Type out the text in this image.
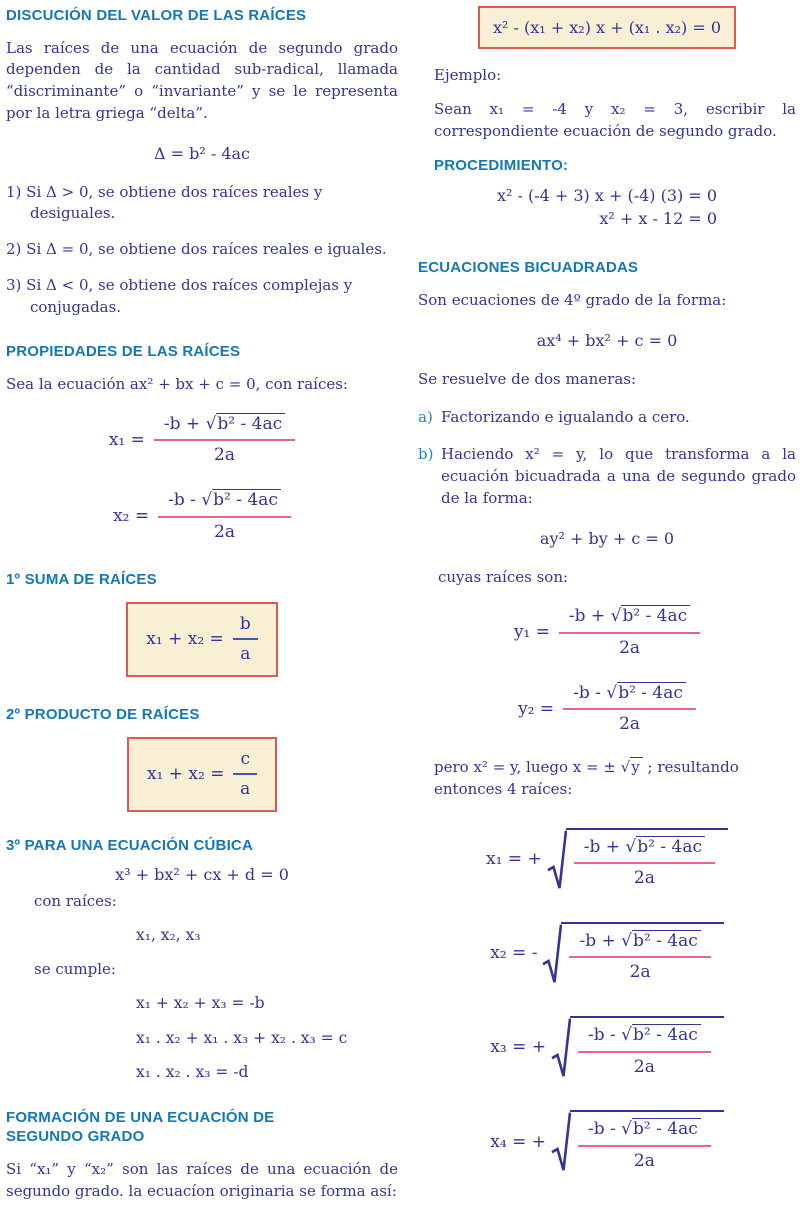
DISCUCIÓN DEL VALOR DE LAS RAÍCES

Las raíces de una ecuación de segundo grado dependen de la cantidad sub-radical, llamada “discriminante” o “invariante” y se le representa por la letra griega “delta”.

Δ = b² - 4ac

1) Si Δ > 0, se obtiene dos raíces reales y desiguales.

2) Si Δ = 0, se obtiene dos raíces reales e iguales.

3) Si Δ < 0, se obtiene dos raíces complejas y conjugadas.

PROPIEDADES DE LAS RAÍCES

Sea la ecuación ax² + bx + c = 0, con raíces:

$x_1 = \frac{\text{-b + √b² - 4ac}}{2a}$
$x_2 = \frac{\text{-b - √b² - 4ac}}{2a}$
1º SUMA DE RAÍCES
$x_1 + x_2 = \frac{b}{a}$
2º PRODUCTO DE RAÍCES
$x_1 + x_2 = \frac{c}{a}$
3º PARA UNA ECUACIÓN CÚBICA
x³ + bx² + cx + d = 0

con raíces:

x₁, x₂, x₃

se cumple:

x₁ + x₂ + x₃ = -b
x₁ . x₂ + x₁ . x₃ + x₂ . x₃ = c
x₁ . x₂ . x₃ = -d
FORMACIÓN DE UNA ECUACIÓN DE SEGUNDO GRADO

Si “x₁” y “x₂” son las raíces de una ecuación de segundo grado. la ecuacíon originaria se forma así:

x² - (x₁ + x₂) x + (x₁ . x₂) = 0

Ejemplo:

Sean x₁ = -4 y x₂ = 3, escribir la correspondiente ecuación de segundo grado.

PROCEDIMIENTO:
x² - (-4 + 3) x + (-4) (3) = 0
x² + x - 12 = 0
ECUACIONES BICUADRADAS

Son ecuaciones de 4º grado de la forma:

ax⁴ + bx² + c = 0

Se resuelve de dos maneras:

a) Factorizando e igualando a cero.
b) Haciendo x² = y, lo que transforma a la ecuación bicuadrada a una de segundo grado de la forma:
ay² + by + c = 0

cuyas raíces son:

$y_1 = \frac{\text{-b + √b² - 4ac}}{2a}$
$y_2 = \frac{\text{-b - √b² - 4ac}}{2a}$

pero x² = y, luego x = ± √y ; resultando entonces 4 raíces:

x₁ = + $\frac{\text{-b + √b² - 4ac}}{2a}$
x₂ = - $\frac{\text{-b + √b² - 4ac}}{2a}$
x₃ = + $\frac{\text{-b - √b² - 4ac}}{2a}$
x₄ = + $\frac{\text{-b - √b² - 4ac}}{2a}$
